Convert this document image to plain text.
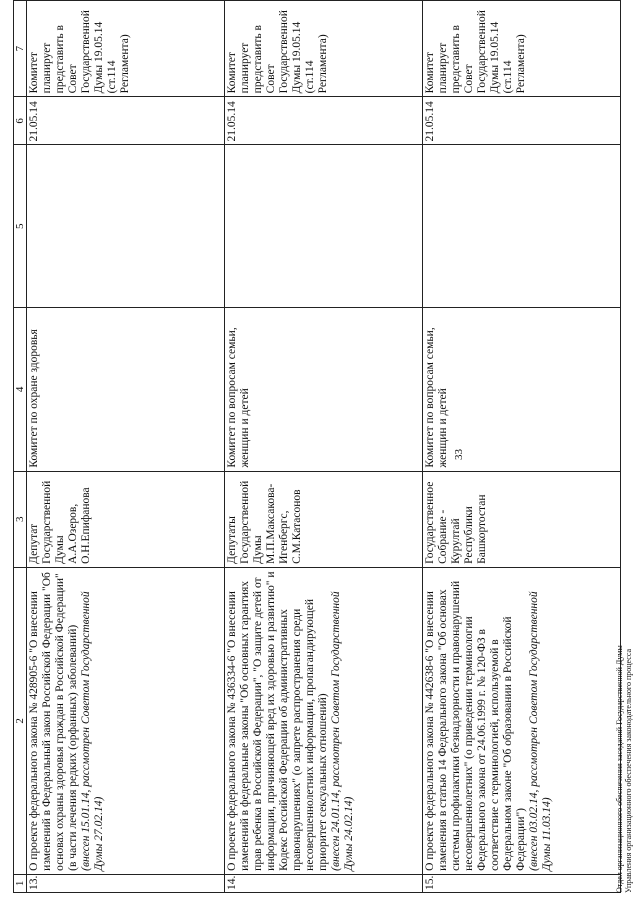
1	2	3	4	5	6	7
13.	О проекте федерального закона № 428905-6 "О внесении изменений в Федеральный закон Российской Федерации "Об основах охраны здоровья граждан в Российской Федерации" (в части лечения редких (орфанных) заболеваний) (внесен 15.01.14, рассмотрен Советом Государственной Думы 27.02.14)	Депутат Государственной Думы А.А.Озеров, О.Н.Епифанова	Комитет по охране здоровья		21.05.14	Комитет планирует представить в Совет Государственной Думы 19.05.14 (ст.114 Регламента)
14.	О проекте федерального закона № 436334-6 "О внесении изменений в федеральные законы "Об основных гарантиях прав ребенка в Российской Федерации", "О защите детей от информации, причиняющей вред их здоровью и развитию" и Кодекс Российской Федерации об административных правонарушениях" (о запрете распространения среди несовершеннолетних информации, пропагандирующей приоритет сексуальных отношений) (внесен 24.01.14, рассмотрен Советом Государственной Думы 24.02.14)	Депутаты Государственной Думы М.П.Максакова-Игенбергс, С.М.Катасонов	Комитет по вопросам семьи, женщин и детей		21.05.14	Комитет планирует представить в Совет Государственной Думы 19.05.14 (ст.114 Регламента)
15.	О проекте федерального закона № 442638-6 "О внесении изменения в статью 14 Федерального закона "Об основах системы профилактики безнадзорности и правонарушений несовершеннолетних" (о приведении терминологии Федерального закона от 24.06.1999 г. № 120-ФЗ в соответствие с терминологией, используемой в Федеральном законе "Об образовании в Российской Федерации") (внесен 03.02.14, рассмотрен Советом Государственной Думы 11.03.14)	Государственное Собрание - Курултай Республики Башкортостан	Комитет по вопросам семьи, женщин и детей		21.05.14	Комитет планирует представить в Совет Государственной Думы 19.05.14 (ст.114 Регламента)
33
Отдел организационного обеспечения заседаний Государственной Думы Управления организационного обеспечения законодательного процесса
